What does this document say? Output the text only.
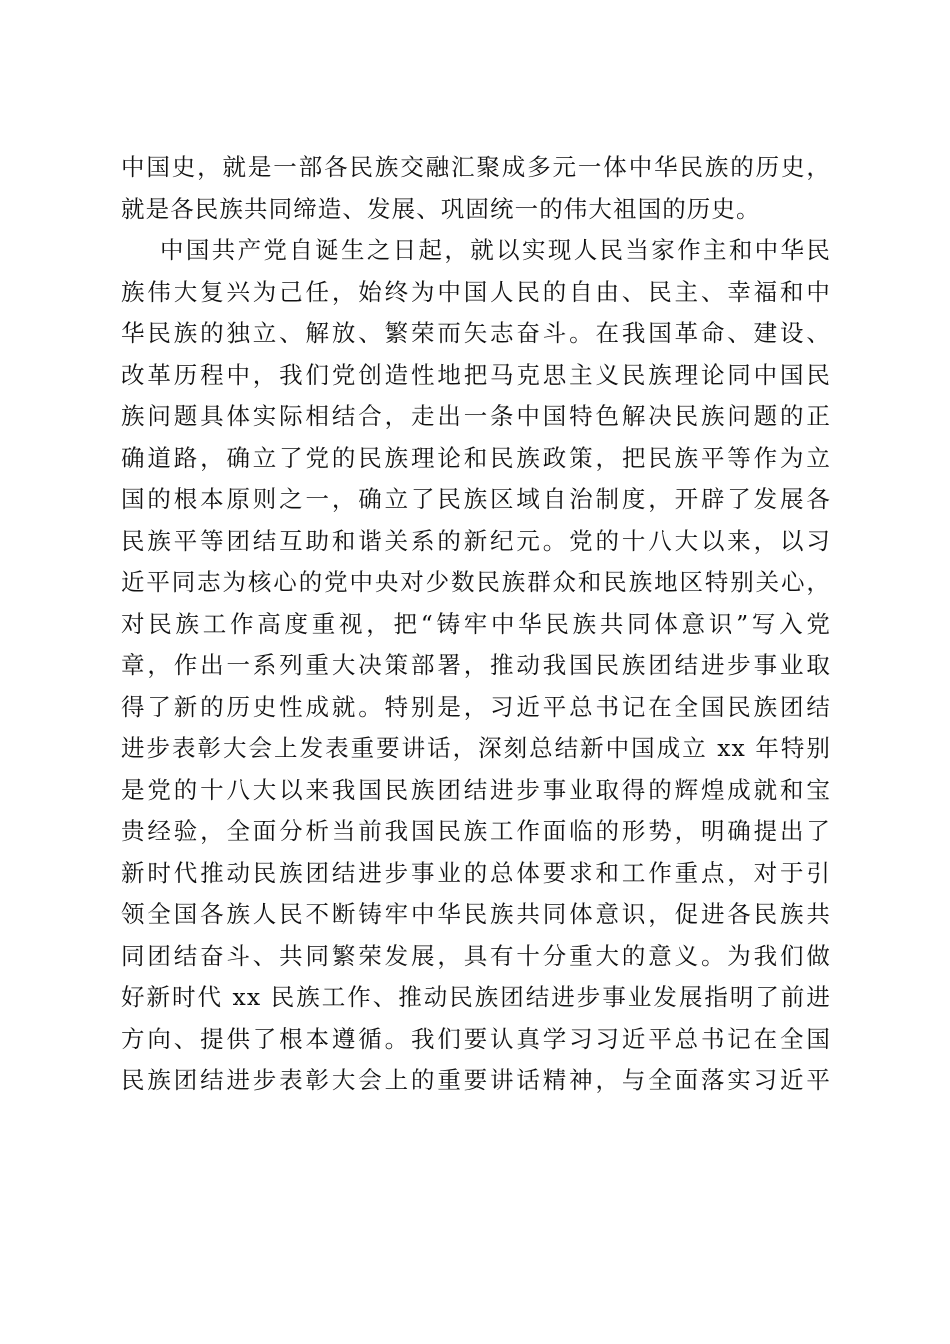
中国史，就是一部各民族交融汇聚成多元一体中华民族的历史，
就是各民族共同缔造、发展、巩固统一的伟大祖国的历史。
中国共产党自诞生之日起，就以实现人民当家作主和中华民
族伟大复兴为己任，始终为中国人民的自由、民主、幸福和中
华民族的独立、解放、繁荣而矢志奋斗。在我国革命、建设、
改革历程中，我们党创造性地把马克思主义民族理论同中国民
族问题具体实际相结合，走出一条中国特色解决民族问题的正
确道路，确立了党的民族理论和民族政策，把民族平等作为立
国的根本原则之一，确立了民族区域自治制度，开辟了发展各
民族平等团结互助和谐关系的新纪元。党的十八大以来，以习
近平同志为核心的党中央对少数民族群众和民族地区特别关心，
对民族工作高度重视，把“铸牢中华民族共同体意识”写入党
章，作出一系列重大决策部署，推动我国民族团结进步事业取
得了新的历史性成就。特别是，习近平总书记在全国民族团结
进步表彰大会上发表重要讲话，深刻总结新中国成立 xx 年特别
是党的十八大以来我国民族团结进步事业取得的辉煌成就和宝
贵经验，全面分析当前我国民族工作面临的形势，明确提出了
新时代推动民族团结进步事业的总体要求和工作重点，对于引
领全国各族人民不断铸牢中华民族共同体意识，促进各民族共
同团结奋斗、共同繁荣发展，具有十分重大的意义。为我们做
好新时代 xx 民族工作、推动民族团结进步事业发展指明了前进
方向、提供了根本遵循。我们要认真学习习近平总书记在全国
民族团结进步表彰大会上的重要讲话精神，与全面落实习近平
